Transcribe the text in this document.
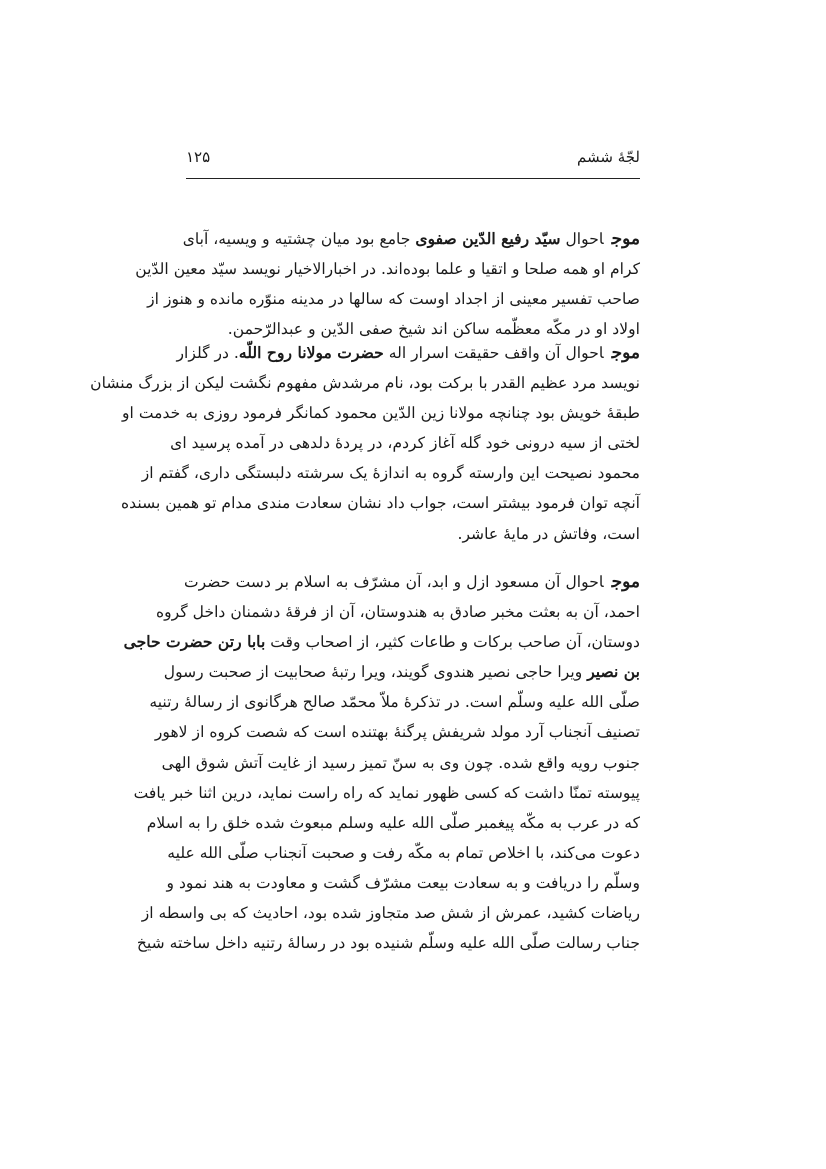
لجّهٔ ششم
۱۲۵
موجاحوال سیّد رفیع الدّین صفوی جامع بود میان چشتیه و ویسیه، آبای
کرام او همه صلحا و اتقیا و علما بوده‌اند. در اخبارالاخیار نویسد سیّد معین الدّین
صاحب تفسیر معینی از اجداد اوست که سالها در مدینه منوّره مانده و هنوز از
اولاد او در مکّه معظّمه ساکن اند شیخ صفی الدّین و عبدالرّحمن.
موجاحوال آن واقف حقیقت اسرار اله حضرت مولانا روح اللّه. در گلزار
نویسد مرد عظیم القدر با برکت بود، نام مرشدش مفهوم نگشت لیکن از بزرگ منشان
طبقهٔ خویش بود چنانچه مولانا زین الدّین محمود کمانگر فرمود روزی به خدمت او
لختی از سیه درونی خود گله آغاز کردم، در پردهٔ دلدهی در آمده پرسید ای
محمود نصیحت این وارسته گروه به اندازهٔ یک سرشته دلبستگی داری، گفتم از
آنچه توان فرمود بیشتر است، جواب داد نشان سعادت مندی مدام تو همین بسنده
است، وفاتش در مایهٔ عاشر.
موجاحوال آن مسعود ازل و ابد، آن مشرّف به اسلام بر دست حضرت
احمد، آن به بعثت مخبر صادق به هندوستان، آن از فرقهٔ دشمنان داخل گروه
دوستان، آن صاحب برکات و طاعات کثیر، از اصحاب وقت بابا رتن حضرت حاجی
بن نصیر ویرا حاجی نصیر هندوی گویند، ویرا رتبهٔ صحابیت از صحبت رسول
صلّی الله علیه وسلّم است. در تذکرهٔ ملاّ محمّد صالح هرگانوی از رسالهٔ رتنیه
تصنیف آنجناب آرد مولد شریفش پرگنهٔ بهتنده است که شصت کروه از لاهور
جنوب رویه واقع شده. چون وی به سنّ تمیز رسید از غایت آتش شوق الهی
پیوسته تمنّا داشت که کسی ظهور نماید که راه راست نماید، درین اثنا خبر یافت
که در عرب به مکّه پیغمبر صلّی الله علیه وسلم مبعوث شده خلق را به اسلام
دعوت می‌کند، با اخلاص تمام به مکّه رفت و صحبت آنجناب صلّی الله علیه
وسلّم را دریافت و به سعادت بیعت مشرّف گشت و معاودت به هند نمود و
ریاضات کشید، عمرش از شش صد متجاوز شده بود، احادیث که بی واسطه از
جناب رسالت صلّی الله علیه وسلّم شنیده بود در رسالهٔ رتنیه داخل ساخته شیخ
